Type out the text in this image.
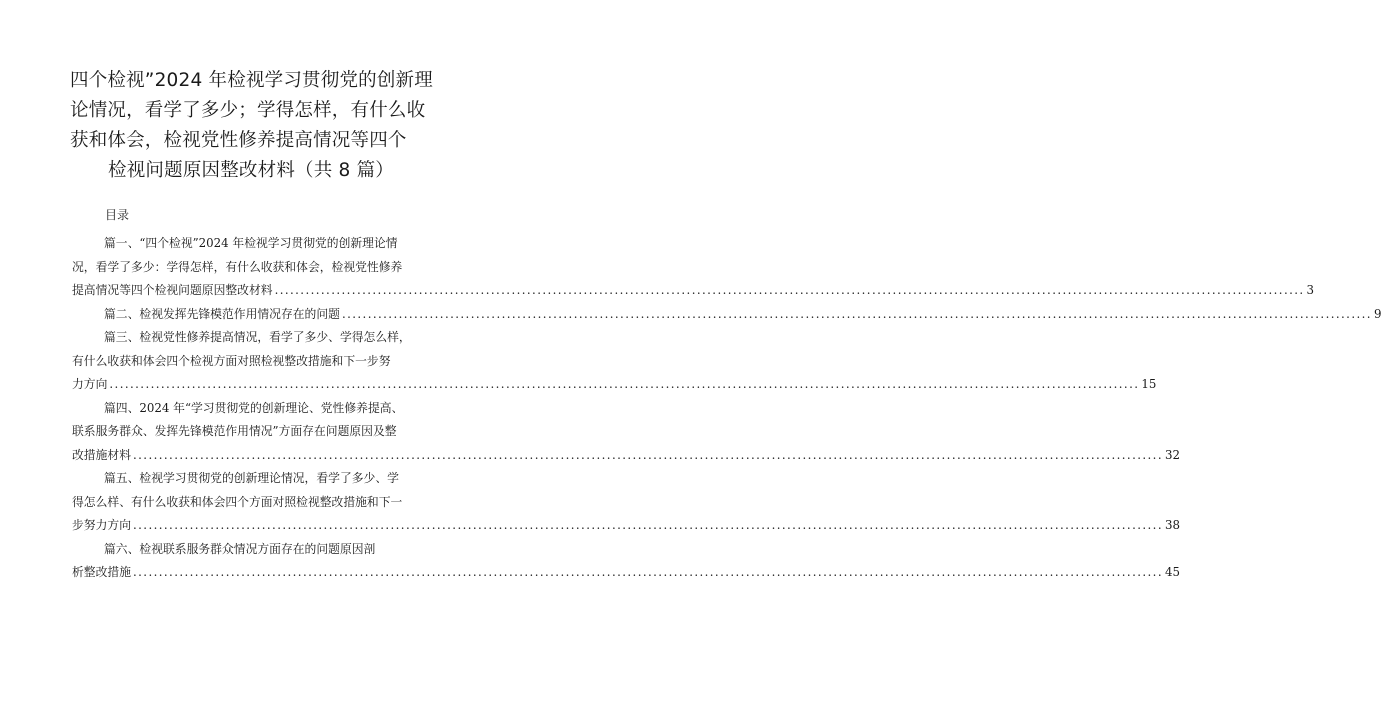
四个检视”2024 年检视学习贯彻党的创新理
论情况，看学了多少；学得怎样，有什么收
获和体会，检视党性修养提高情况等四个
检视问题原因整改材料（共 8 篇）
目录
篇一、“四个检视”2024 年检视学习贯彻党的创新理论情
况，看学了多少：学得怎样，有什么收获和体会，检视党性修养
提高情况等四个检视问题原因整改材料 ........................................................................................................................................................................................................ 3
篇二、检视发挥先锋模范作用情况存在的问题 ........................................................................................................................................................................................................ 9
篇三、检视党性修养提高情况，看学了多少、学得怎么样，
有什么收获和体会四个检视方面对照检视整改措施和下一步努
力方向 ........................................................................................................................................................................................................ 15
篇四、2024 年“学习贯彻党的创新理论、党性修养提高、
联系服务群众、发挥先锋模范作用情况”方面存在问题原因及整
改措施材料 ........................................................................................................................................................................................................ 32
篇五、检视学习贯彻党的创新理论情况，看学了多少、学
得怎么样、有什么收获和体会四个方面对照检视整改措施和下一
步努力方向 ........................................................................................................................................................................................................ 38
篇六、检视联系服务群众情况方面存在的问题原因剖
析整改措施 ........................................................................................................................................................................................................ 45
